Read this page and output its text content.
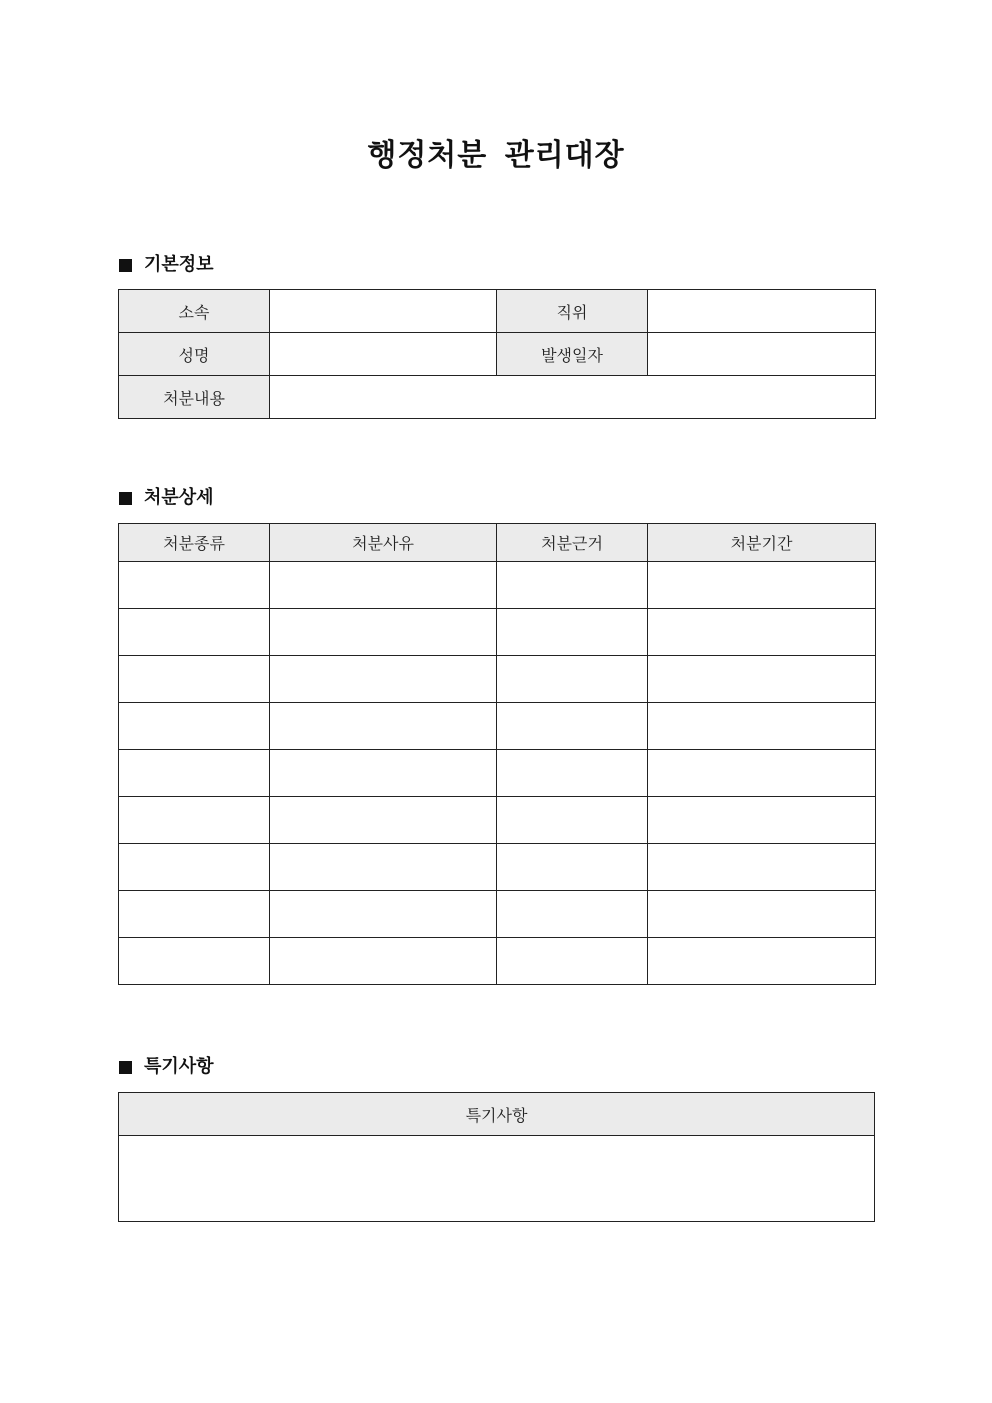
행정처분 관리대장
기본정보
소속		직위	
성명		발생일자	
처분내용			
처분상세
처분종류	처분사유	처분근거	처분기간

특기사항
특기사항
